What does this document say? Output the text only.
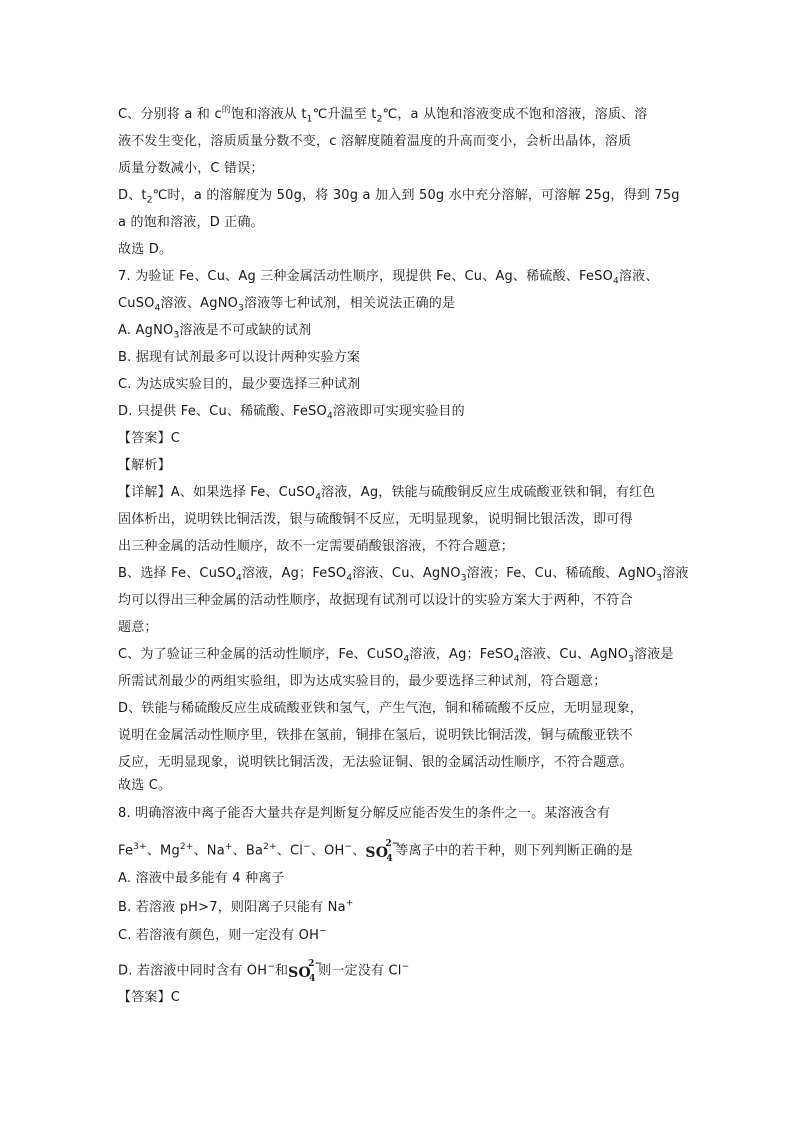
C、分别将 a 和 $c^的$饱和溶液从 $t_1℃$升温至 $t_2℃$，a 从饱和溶液变成不饱和溶液，溶质、溶
液不发生变化，溶质质量分数不变，c 溶解度随着温度的升高而变小，会析出晶体，溶质
质量分数减小，C 错误；
D、$t_2℃$时，a 的溶解度为 50g，将 30g a 加入到 50g 水中充分溶解，可溶解 25g，得到 75g
a 的饱和溶液，D 正确。
故选 D。
7. 为验证 Fe、Cu、Ag 三种金属活动性顺序，现提供 Fe、Cu、Ag、稀硫酸、FeSO$_4$溶液、
CuSO$_4$溶液、AgNO$_3$溶液等七种试剂，相关说法正确的是
A. AgNO$_3$溶液是不可或缺的试剂
B. 据现有试剂最多可以设计两种实验方案
C. 为达成实验目的，最少要选择三种试剂
D. 只提供 Fe、Cu、稀硫酸、FeSO$_4$溶液即可实现实验目的
【答案】C
【解析】
【详解】A、如果选择 Fe、CuSO$_4$溶液，Ag，铁能与硫酸铜反应生成硫酸亚铁和铜，有红色
固体析出，说明铁比铜活泼，银与硫酸铜不反应，无明显现象，说明铜比银活泼，即可得
出三种金属的活动性顺序，故不一定需要硝酸银溶液，不符合题意；
B、选择 Fe、CuSO$_4$溶液，Ag；FeSO$_4$溶液、Cu、AgNO$_3$溶液；Fe、Cu、稀硫酸、AgNO$_3$溶液
均可以得出三种金属的活动性顺序，故据现有试剂可以设计的实验方案大于两种，不符合
题意；
C、为了验证三种金属的活动性顺序，Fe、CuSO$_4$溶液，Ag；FeSO$_4$溶液、Cu、AgNO$_3$溶液是
所需试剂最少的两组实验组，即为达成实验目的，最少要选择三种试剂，符合题意；
D、铁能与稀硫酸反应生成硫酸亚铁和氢气，产生气泡，铜和稀硫酸不反应，无明显现象，
说明在金属活动性顺序里，铁排在氢前，铜排在氢后，说明铁比铜活泼，铜与硫酸亚铁不
反应，无明显现象，说明铁比铜活泼，无法验证铜、银的金属活动性顺序，不符合题意。
故选 C。
8. 明确溶液中离子能否大量共存是判断复分解反应能否发生的条件之一。某溶液含有
$Fe^{3+}$、$Mg^{2+}$、Na+、$Ba^{2+}$、Cl−、OH−、 SO
2−
4
等离子中的若干种，则下列判断正确的是
A. 溶液中最多能有 4 种离子
B. 若溶液 pH>7，则阳离子只能有 Na+
C. 若溶液有颜色，则一定没有 OH−
D. 若溶液中同时含有 OH−和 SO
2−
4
则一定没有 Cl−
【答案】C
